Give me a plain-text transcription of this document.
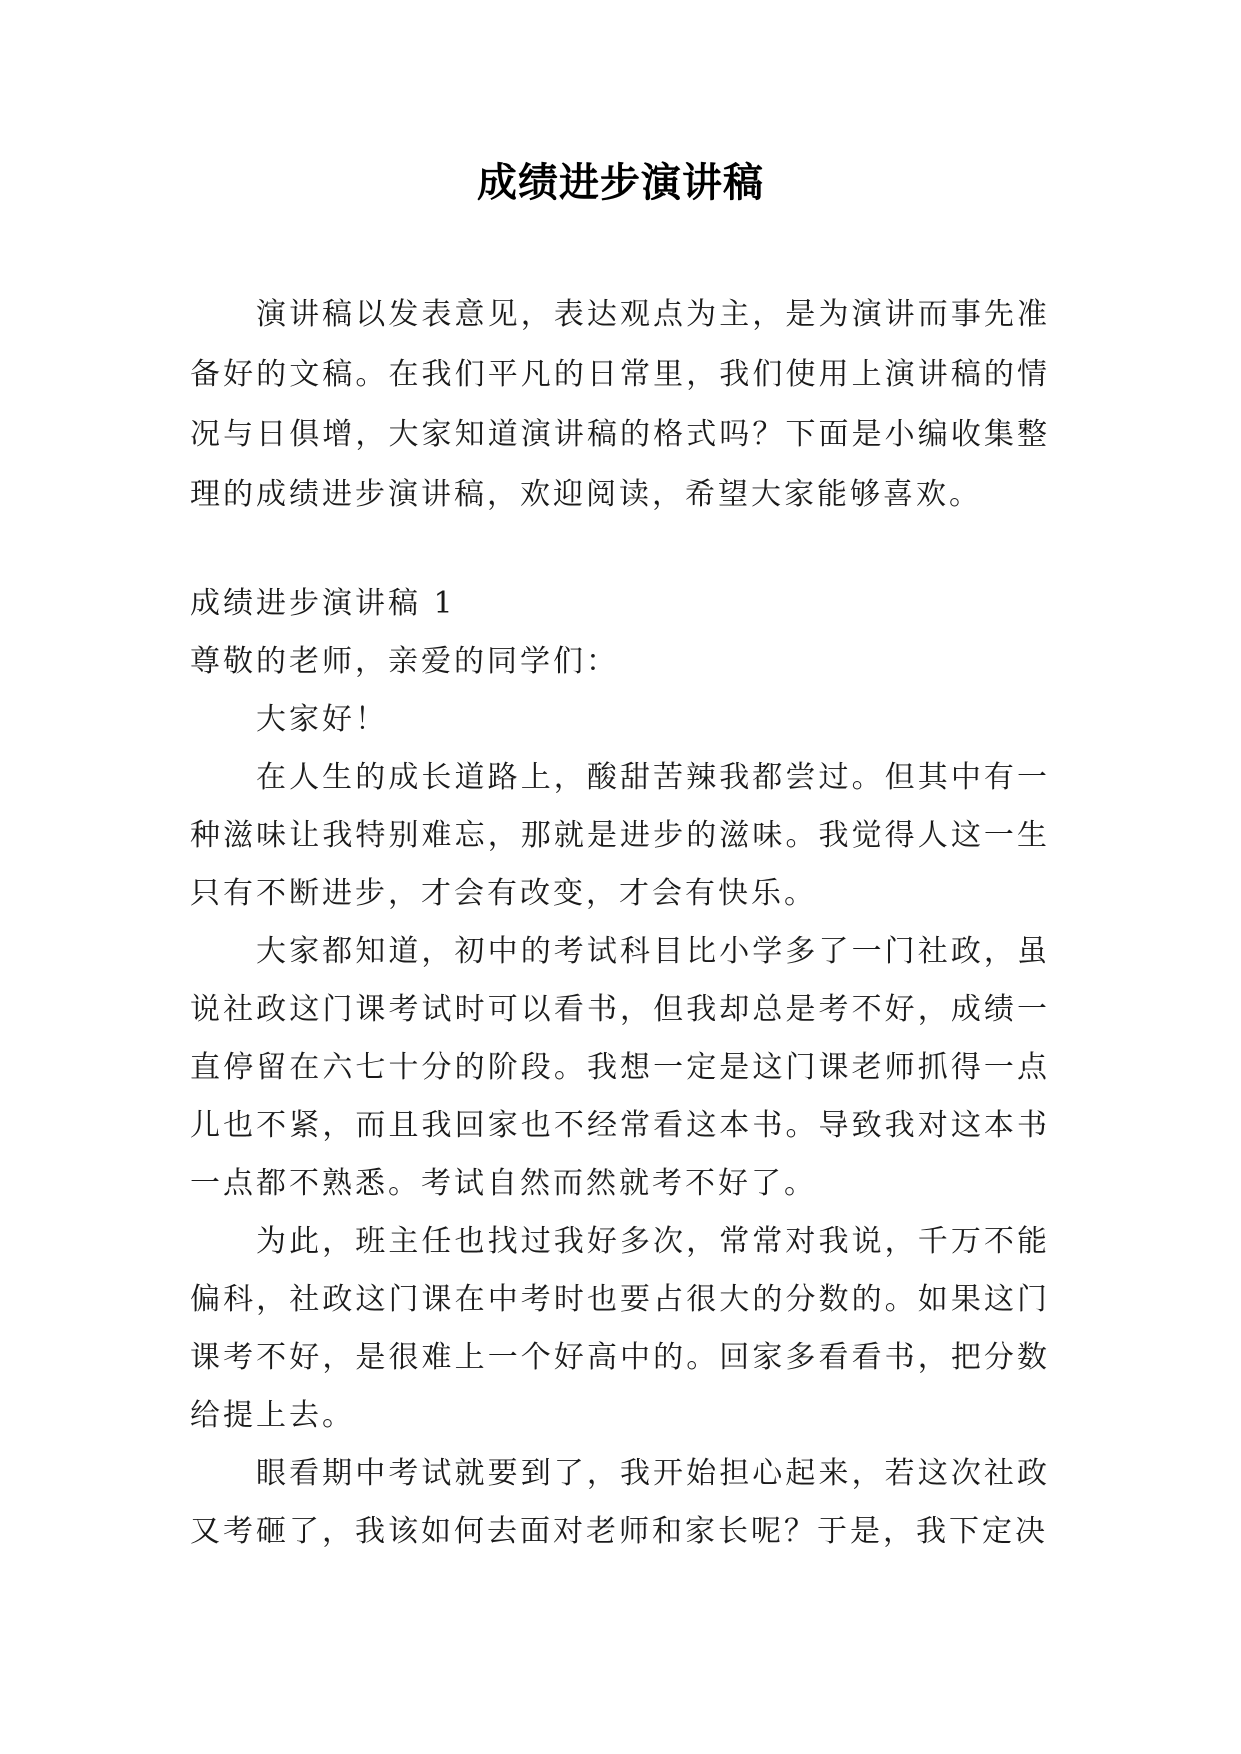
成绩进步演讲稿

演讲稿以发表意见，表达观点为主，是为演讲而事先准备好的文稿。在我们平凡的日常里，我们使用上演讲稿的情况与日俱增，大家知道演讲稿的格式吗？下面是小编收集整理的成绩进步演讲稿，欢迎阅读，希望大家能够喜欢。

成绩进步演讲稿 1

尊敬的老师，亲爱的同学们：

大家好！

在人生的成长道路上，酸甜苦辣我都尝过。但其中有一种滋味让我特别难忘，那就是进步的滋味。我觉得人这一生只有不断进步，才会有改变，才会有快乐。

大家都知道，初中的考试科目比小学多了一门社政，虽说社政这门课考试时可以看书，但我却总是考不好，成绩一直停留在六七十分的阶段。我想一定是这门课老师抓得一点儿也不紧，而且我回家也不经常看这本书。导致我对这本书一点都不熟悉。考试自然而然就考不好了。

为此，班主任也找过我好多次，常常对我说，千万不能偏科，社政这门课在中考时也要占很大的分数的。如果这门课考不好，是很难上一个好高中的。回家多看看书，把分数给提上去。

眼看期中考试就要到了，我开始担心起来，若这次社政又考砸了，我该如何去面对老师和家长呢？于是，我下定决
